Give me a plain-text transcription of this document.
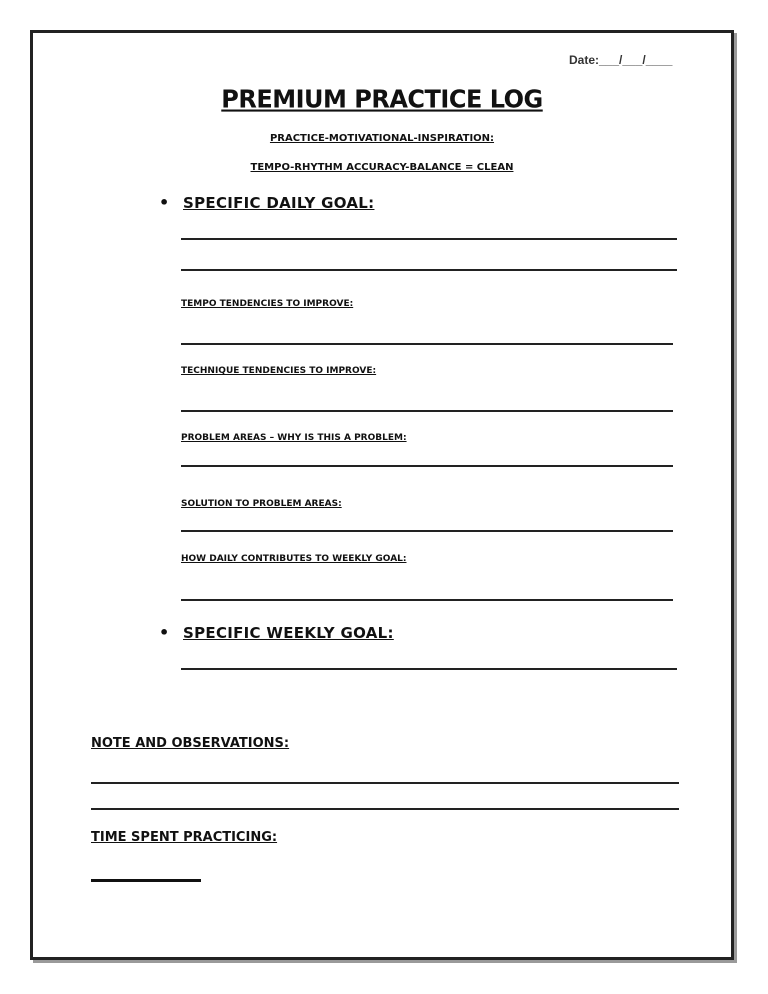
Date:___/___/____
PREMIUM PRACTICE LOG
PRACTICE-MOTIVATIONAL-INSPIRATION:
TEMPO-RHYTHM ACCURACY-BALANCE = CLEAN
• SPECIFIC DAILY GOAL:
TEMPO TENDENCIES TO IMPROVE:
TECHNIQUE TENDENCIES TO IMPROVE:
PROBLEM AREAS – WHY IS THIS A PROBLEM:
SOLUTION TO PROBLEM AREAS:
HOW DAILY CONTRIBUTES TO WEEKLY GOAL:
• SPECIFIC WEEKLY GOAL:
NOTE AND OBSERVATIONS:
TIME SPENT PRACTICING:
